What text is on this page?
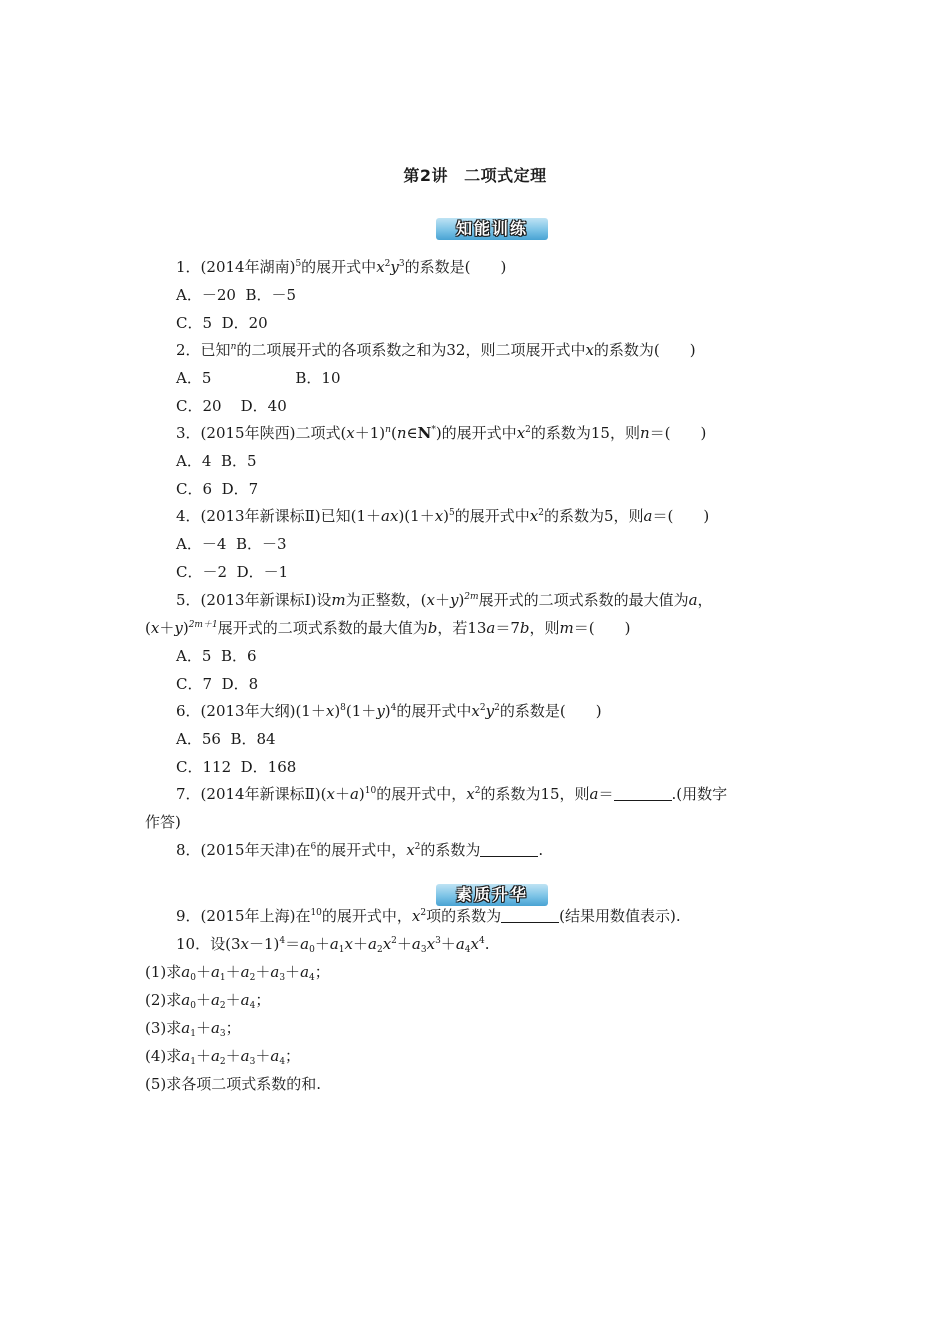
第2讲 二项式定理
知能训练
1．(2014年湖南)$^5$的展开式中$x^2y^3$的系数是( )
A．－20 B．－5
C．5 D．20
2．已知$^n$的二项展开式的各项系数之和为32，则二项展开式中x的系数为( )
A．5	B．10
C．20 D．40
3．(2015年陕西)二项式$(x+1)^n(n\in N^*)$的展开式中$x^2$的系数为15，则n＝( )
A．4 B．5
C．6 D．7
4．(2013年新课标Ⅱ)已知$(1+ax)(1+x)^5$的展开式中$x^2$的系数为5，则a＝( )
A．－4 B．－3
C．－2 D．－1
5．(2013年新课标Ⅰ)设m为正整数，$(x+y)^{2m}$展开式的二项式系数的最大值为a，
$(x+y)^{2m+1}$展开式的二项式系数的最大值为b，若13a＝7b，则m＝( )
A．5 B．6
C．7 D．8
6．(2013年大纲)$(1+x)^8(1+y)^4$的展开式中$x^2y^2$的系数是( )
A．56 B．84
C．112 D．168
7．(2014年新课标$Ⅱ)(x+a)^{10}$的展开式中，$x^2$的系数为15，则a＝	.(用数字
作答)
8．(2015年天津)在$^6$的展开式中，$x^2$的系数为	.
素质升华
9．(2015年上海)在$^{10}$的展开式中，$x^2$项的系数为	(结果用数值表示).
10．设$(3x-1)^4=a_0+a_1x+a_2x^2+a_3x^3+a_4x^4$.
(1)求$a_0+a_1+a_2+a_3+a_4$；
(2)求$a_0+a_2+a_4$；
(3)求$a_1+a_3$；
(4)求$a_1+a_2+a_3+a_4$；
(5)求各项二项式系数的和.
